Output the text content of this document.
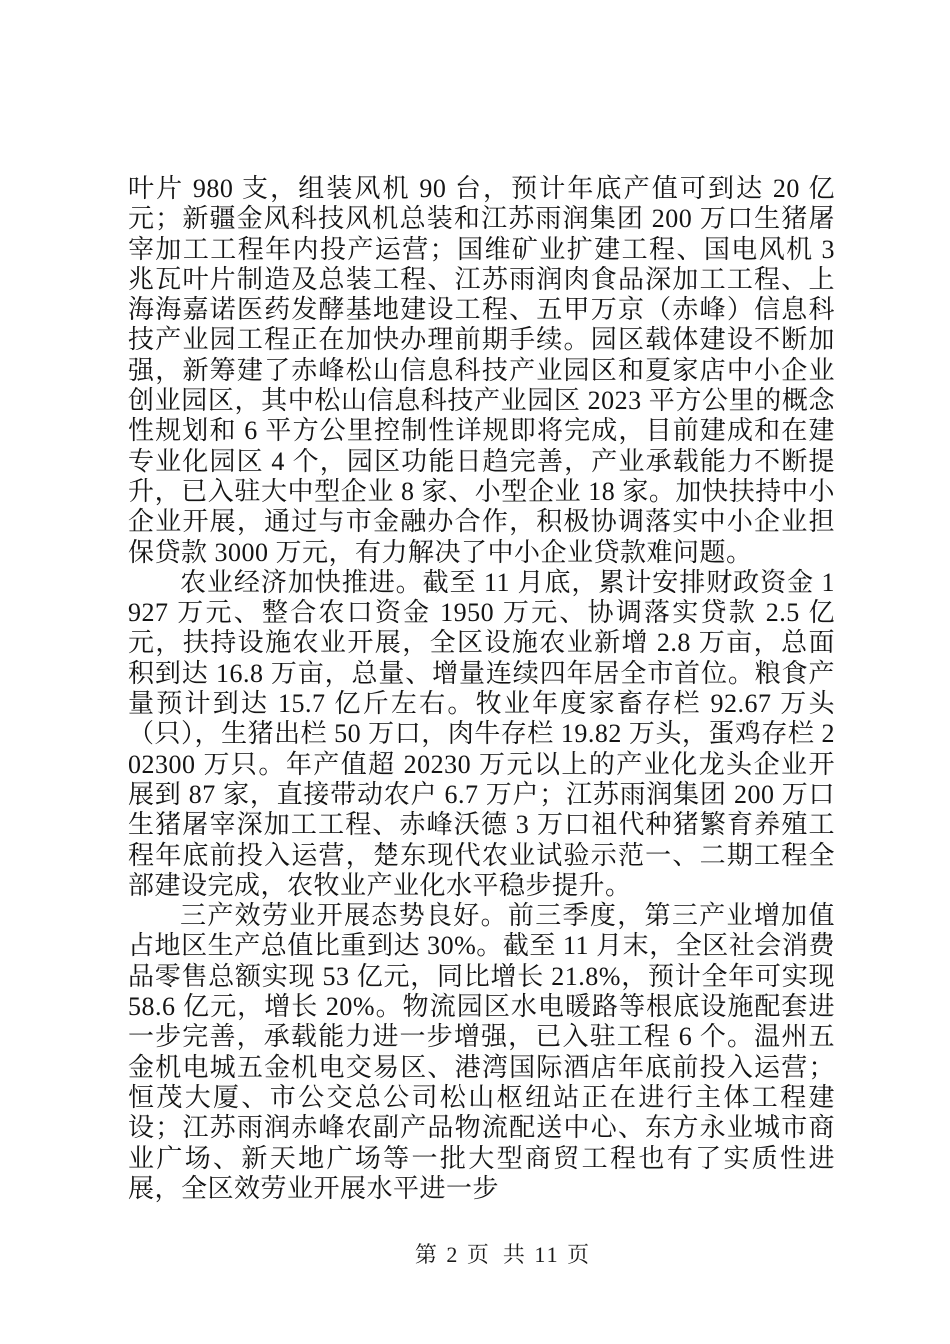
叶片 980 支，组装风机 90 台，预计年底产值可到达 20 亿元；新疆金风科技风机总装和江苏雨润集团 200 万口生猪屠宰加工工程年内投产运营；国维矿业扩建工程、国电风机 3 兆瓦叶片制造及总装工程、江苏雨润肉食品深加工工程、上海海嘉诺医药发酵基地建设工程、五甲万京（赤峰）信息科技产业园工程正在加快办理前期手续。园区载体建设不断加强，新筹建了赤峰松山信息科技产业园区和夏家店中小企业创业园区，其中松山信息科技产业园区 2023 平方公里的概念性规划和 6 平方公里控制性详规即将完成，目前建成和在建专业化园区 4 个，园区功能日趋完善，产业承载能力不断提升，已入驻大中型企业 8 家、小型企业 18 家。加快扶持中小企业开展，通过与市金融办合作，积极协调落实中小企业担保贷款 3000 万元，有力解决了中小企业贷款难问题。

农业经济加快推进。截至 11 月底，累计安排财政资金 1927 万元、整合农口资金 1950 万元、协调落实贷款 2.5 亿元，扶持设施农业开展，全区设施农业新增 2.8 万亩，总面积到达 16.8 万亩，总量、增量连续四年居全市首位。粮食产量预计到达 15.7 亿斤左右。牧业年度家畜存栏 92.67 万头（只），生猪出栏 50 万口，肉牛存栏 19.82 万头，蛋鸡存栏 202300 万只。年产值超 20230 万元以上的产业化龙头企业开展到 87 家，直接带动农户 6.7 万户；江苏雨润集团 200 万口生猪屠宰深加工工程、赤峰沃德 3 万口祖代种猪繁育养殖工程年底前投入运营，楚东现代农业试验示范一、二期工程全部建设完成，农牧业产业化水平稳步提升。

三产效劳业开展态势良好。前三季度，第三产业增加值占地区生产总值比重到达 30%。截至 11 月末，全区社会消费品零售总额实现 53 亿元，同比增长 21.8%，预计全年可实现 58.6 亿元，增长 20%。物流园区水电暖路等根底设施配套进一步完善，承载能力进一步增强，已入驻工程 6 个。温州五金机电城五金机电交易区、港湾国际酒店年底前投入运营；恒茂大厦、市公交总公司松山枢纽站正在进行主体工程建设；江苏雨润赤峰农副产品物流配送中心、东方永业城市商业广场、新天地广场等一批大型商贸工程也有了实质性进展，全区效劳业开展水平进一步

第 2 页 共 11 页
